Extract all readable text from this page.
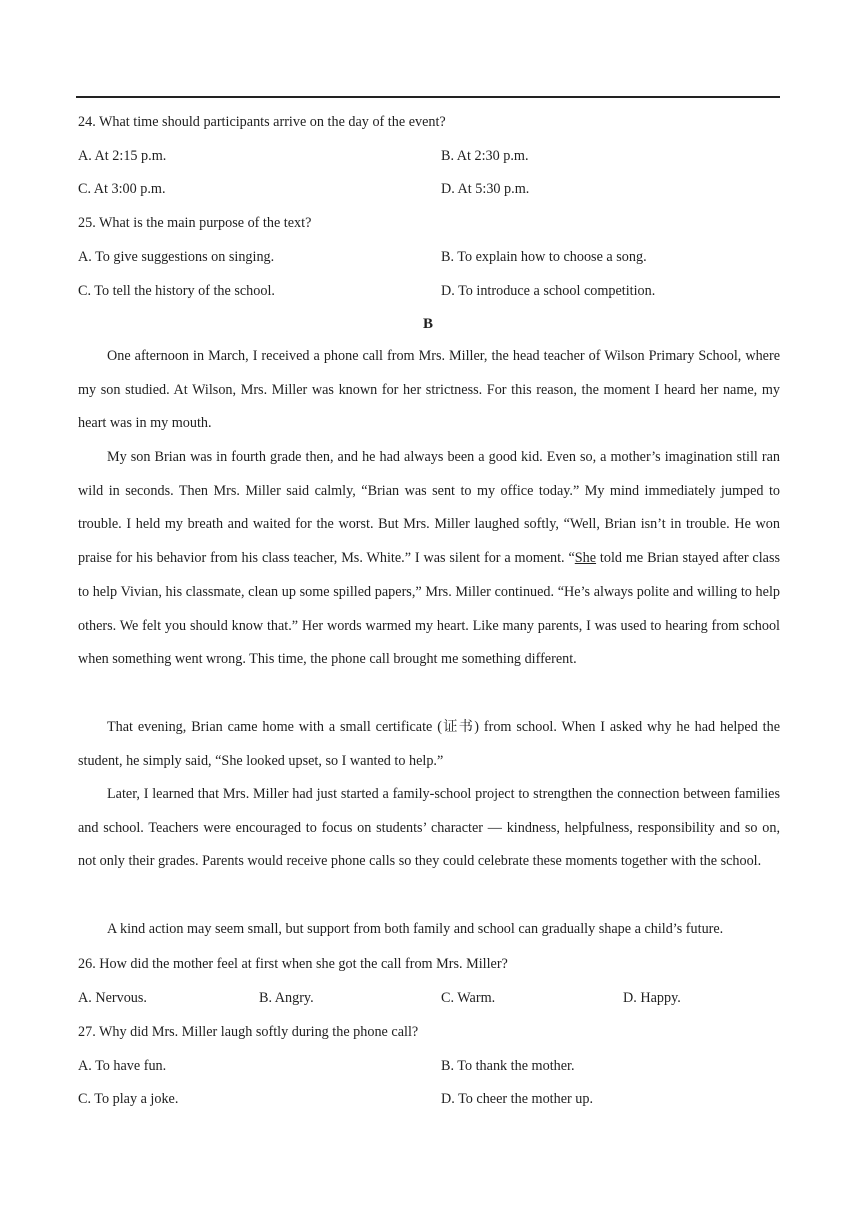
24. What time should participants arrive on the day of the event?
A. At 2:15 p.m.	B. At 2:30 p.m.
C. At 3:00 p.m.	D. At 5:30 p.m.
25. What is the main purpose of the text?
A. To give suggestions on singing.	B. To explain how to choose a song.
C. To tell the history of the school.	D. To introduce a school competition.
B
One afternoon in March, I received a phone call from Mrs. Miller, the head teacher of Wilson Primary School, where my son studied. At Wilson, Mrs. Miller was known for her strictness. For this reason, the moment I heard her name, my heart was in my mouth.
My son Brian was in fourth grade then, and he had always been a good kid. Even so, a mother’s imagination still ran wild in seconds. Then Mrs. Miller said calmly, “Brian was sent to my office today.” My mind immediately jumped to trouble. I held my breath and waited for the worst. But Mrs. Miller laughed softly, “Well, Brian isn’t in trouble. He won praise for his behavior from his class teacher, Ms. White.” I was silent for a moment. “She told me Brian stayed after class to help Vivian, his classmate, clean up some spilled papers,” Mrs. Miller continued. “He’s always polite and willing to help others. We felt you should know that.” Her words warmed my heart. Like many parents, I was used to hearing from school when something went wrong. This time, the phone call brought me something different.
That evening, Brian came home with a small certificate (证书) from school. When I asked why he had helped the student, he simply said, “She looked upset, so I wanted to help.”
Later, I learned that Mrs. Miller had just started a family-school project to strengthen the connection between families and school. Teachers were encouraged to focus on students’ character — kindness, helpfulness, responsibility and so on, not only their grades. Parents would receive phone calls so they could celebrate these moments together with the school.
A kind action may seem small, but support from both family and school can gradually shape a child’s future.
26. How did the mother feel at first when she got the call from Mrs. Miller?
A. Nervous.	B. Angry.	C. Warm.	D. Happy.
27. Why did Mrs. Miller laugh softly during the phone call?
A. To have fun.	B. To thank the mother.
C. To play a joke.	D. To cheer the mother up.
